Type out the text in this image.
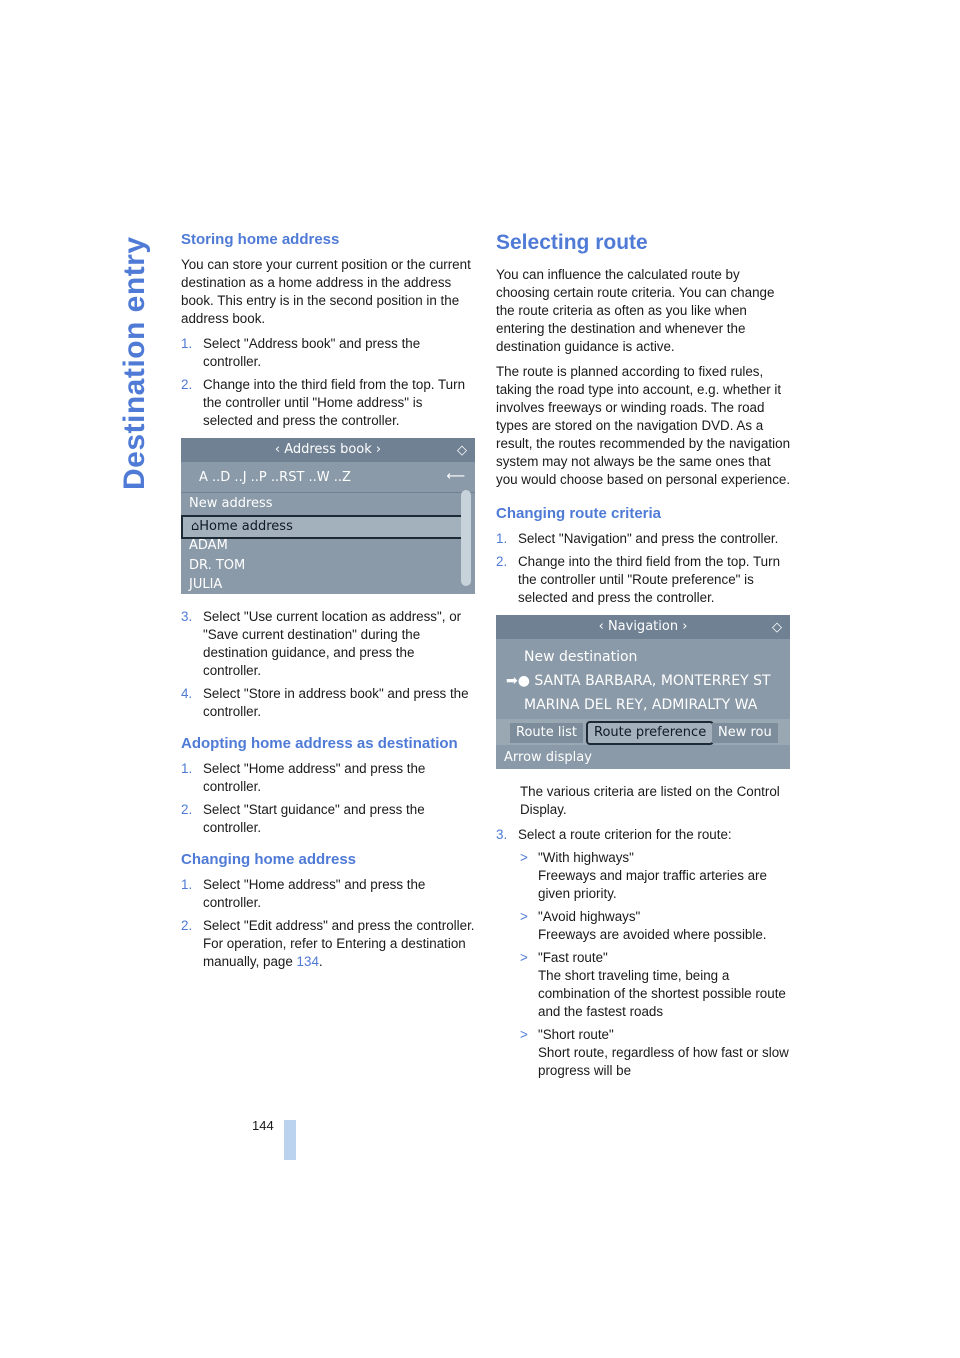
Destination entry
144
Storing home address

You can store your current position or the current destination as a home address in the address book. This entry is in the second position in the address book.

1. Select "Address book" and press the controller.
2. Change into the third field from the top. Turn the controller until "Home address" is selected and press the controller.
‹ Address book ›	◇
A ..D ..J ..P ..RST ..W ..Z	⟵
New address
⌂Home address
ADAM
DR. TOM
JULIA
3. Select "Use current location as address", or "Save current destination" during the destination guidance, and press the controller.
4. Select "Store in address book" and press the controller.
Adopting home address as destination
1. Select "Home address" and press the controller.
2. Select "Start guidance" and press the controller.
Changing home address
1. Select "Home address" and press the controller.
2. Select "Edit address" and press the controller. For operation, refer to Entering a destination manually, page 134.
Selecting route

You can influence the calculated route by choosing certain route criteria. You can change the route criteria as often as you like when entering the destination and whenever the destination guidance is active.

The route is planned according to fixed rules, taking the road type into account, e.g. whether it involves freeways or winding roads. The road types are stored on the navigation DVD. As a result, the routes recommended by the navigation system may not always be the same ones that you would choose based on personal experience.

Changing route criteria
1. Select "Navigation" and press the controller.
2. Change into the third field from the top. Turn the controller until "Route preference" is selected and press the controller.
‹ Navigation ›	◇
New destination
➡● SANTA BARBARA, MONTERREY ST
MARINA DEL REY, ADMIRALTY WA
Route list	Route preference New rou
Arrow display

The various criteria are listed on the Control Display.

3. Select a route criterion for the route:
> "With highways"
Freeways and major traffic arteries are given priority.
> "Avoid highways"
Freeways are avoided where possible.
> "Fast route"
The short traveling time, being a combination of the shortest possible route and the fastest roads
> "Short route"
Short route, regardless of how fast or slow progress will be
